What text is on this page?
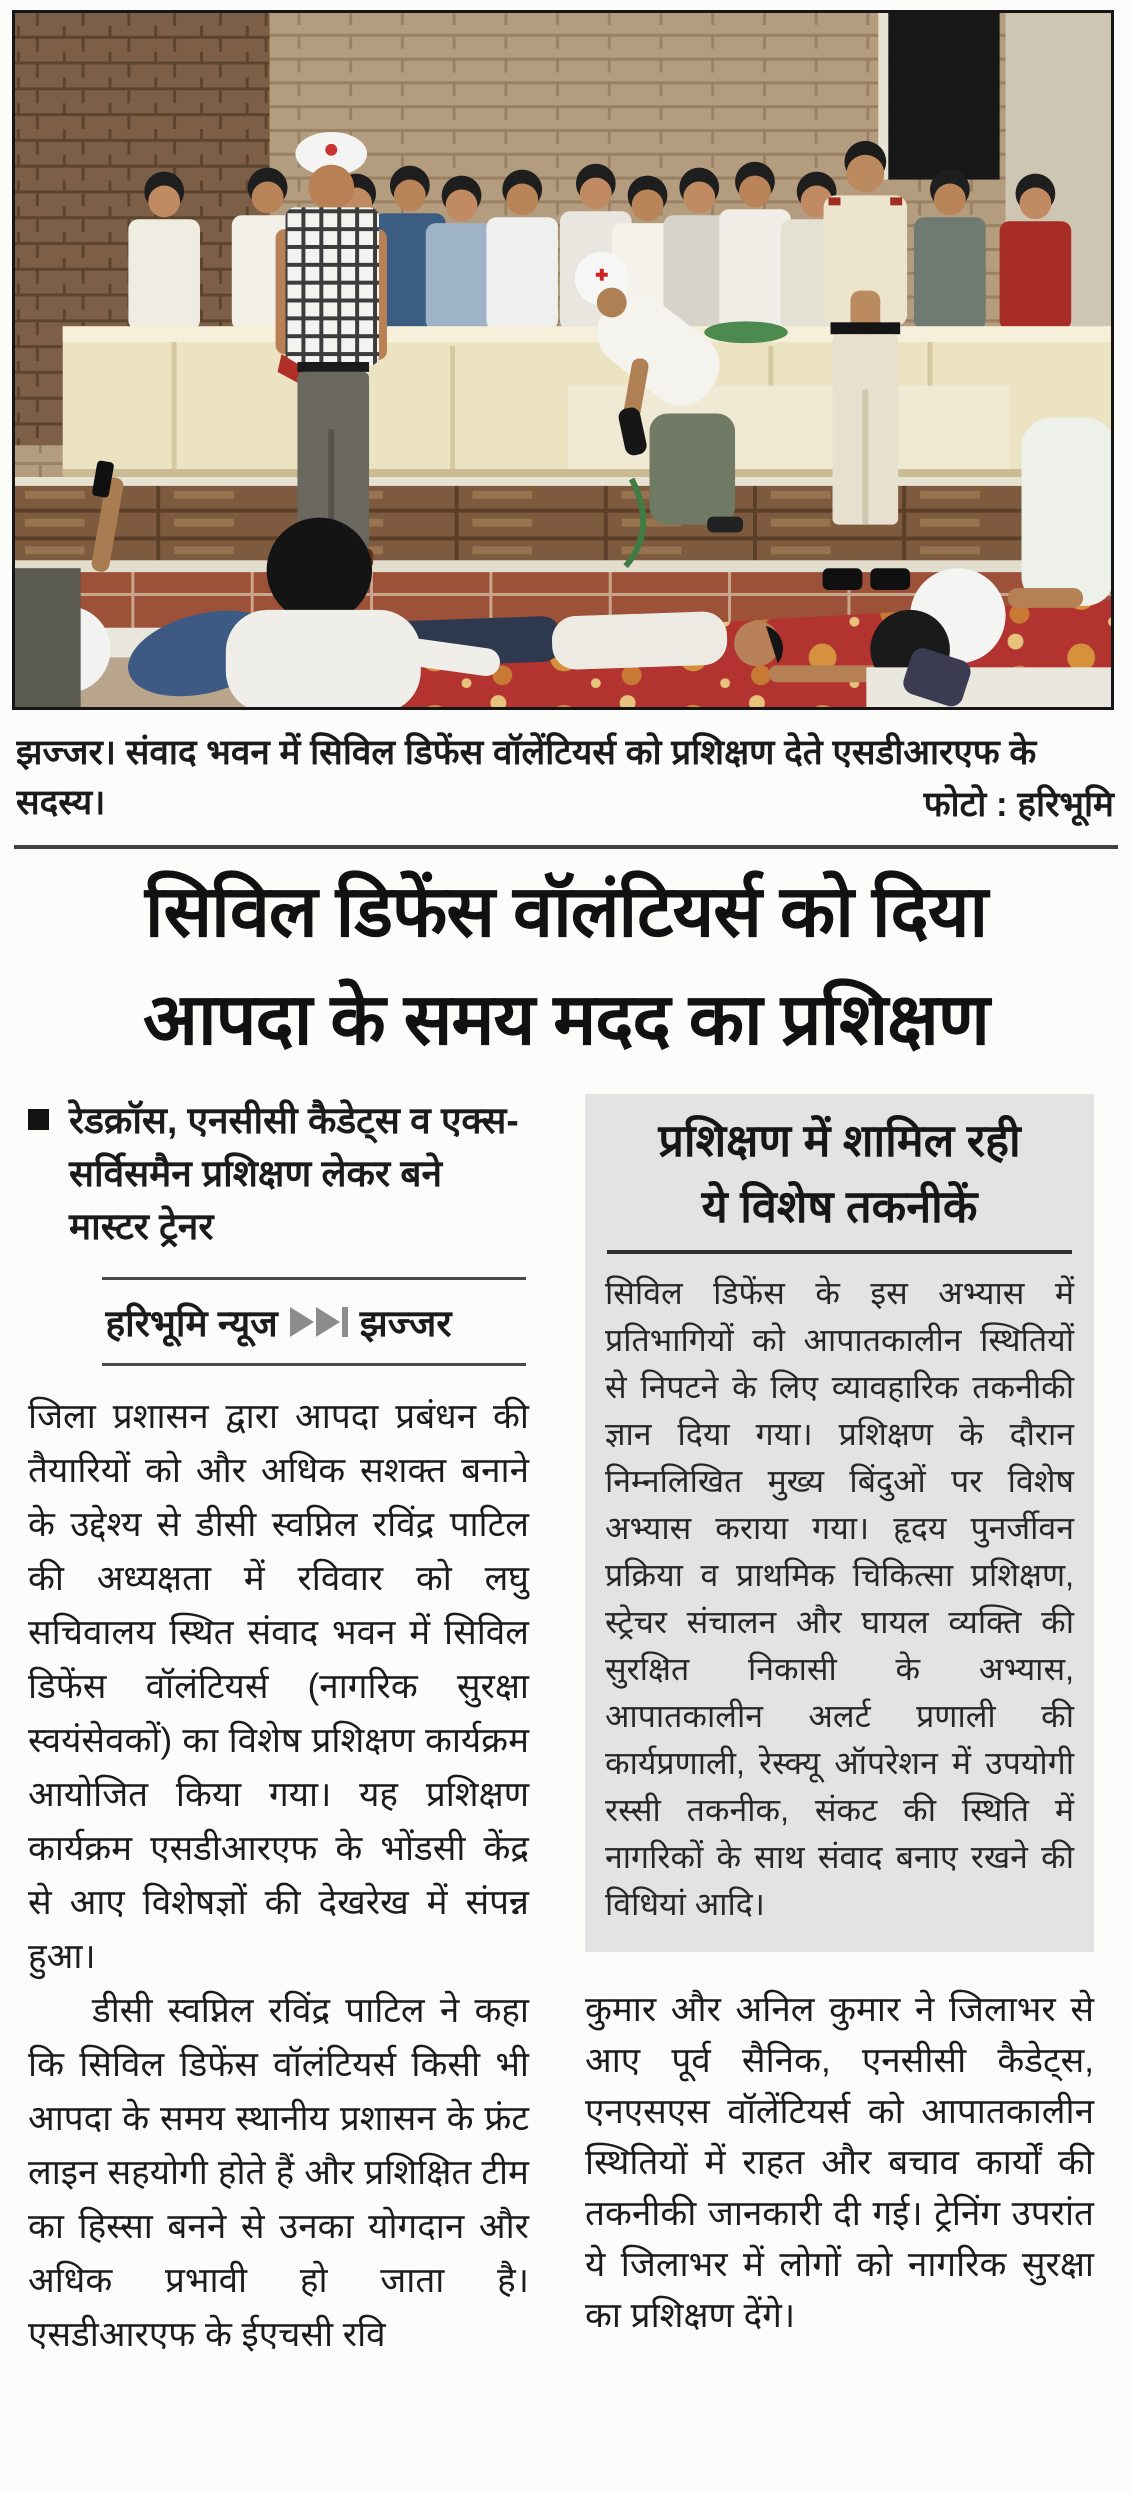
झज्जर। संवाद भवन में सिविल डिफेंस वॉलेंटियर्स को प्रशिक्षण देते एसडीआरएफ के सदस्य।	फोटो : हरिभूमि
सिविल डिफेंस वॉलंटियर्स को दिया
आपदा के समय मदद का प्रशिक्षण
रेडक्रॉस, एनसीसी कैडेट्स व एक्स-सर्विसमैन प्रशिक्षण लेकर बने मास्टर ट्रेनर
हरिभूमि न्यूज झज्जर

जिला प्रशासन द्वारा आपदा प्रबंधन की तैयारियों को और अधिक सशक्त बनाने के उद्देश्य से डीसी स्वप्निल रविंद्र पाटिल की अध्यक्षता में रविवार को लघु सचिवालय स्थित संवाद भवन में सिविल डिफेंस वॉलंटियर्स (नागरिक सुरक्षा स्वयंसेवकों) का विशेष प्रशिक्षण कार्यक्रम आयोजित किया गया। यह प्रशिक्षण कार्यक्रम एसडीआरएफ के भोंडसी केंद्र से आए विशेषज्ञों की देखरेख में संपन्न हुआ।

डीसी स्वप्निल रविंद्र पाटिल ने कहा कि सिविल डिफेंस वॉलंटियर्स किसी भी आपदा के समय स्थानीय प्रशासन के फ्रंट लाइन सहयोगी होते हैं और प्रशिक्षित टीम का हिस्सा बनने से उनका योगदान और अधिक प्रभावी हो जाता है। एसडीआरएफ के ईएचसी रवि

प्रशिक्षण में शामिल रही
ये विशेष तकनीकें
सिविल डिफेंस के इस अभ्यास में प्रतिभागियों को आपातकालीन स्थितियों से निपटने के लिए व्यावहारिक तकनीकी ज्ञान दिया गया। प्रशिक्षण के दौरान निम्नलिखित मुख्य बिंदुओं पर विशेष अभ्यास कराया गया। हृदय पुनर्जीवन प्रक्रिया व प्राथमिक चिकित्सा प्रशिक्षण, स्ट्रेचर संचालन और घायल व्यक्ति की सुरक्षित निकासी के अभ्यास, आपातकालीन अलर्ट प्रणाली की कार्यप्रणाली, रेस्क्यू ऑपरेशन में उपयोगी रस्सी तकनीक, संकट की स्थिति में नागरिकों के साथ संवाद बनाए रखने की विधियां आदि।

कुमार और अनिल कुमार ने जिलाभर से आए पूर्व सैनिक, एनसीसी कैडेट्स, एनएसएस वॉलेंटियर्स को आपातकालीन स्थितियों में राहत और बचाव कार्यों की तकनीकी जानकारी दी गई। ट्रेनिंग उपरांत ये जिलाभर में लोगों को नागरिक सुरक्षा का प्रशिक्षण देंगे।
